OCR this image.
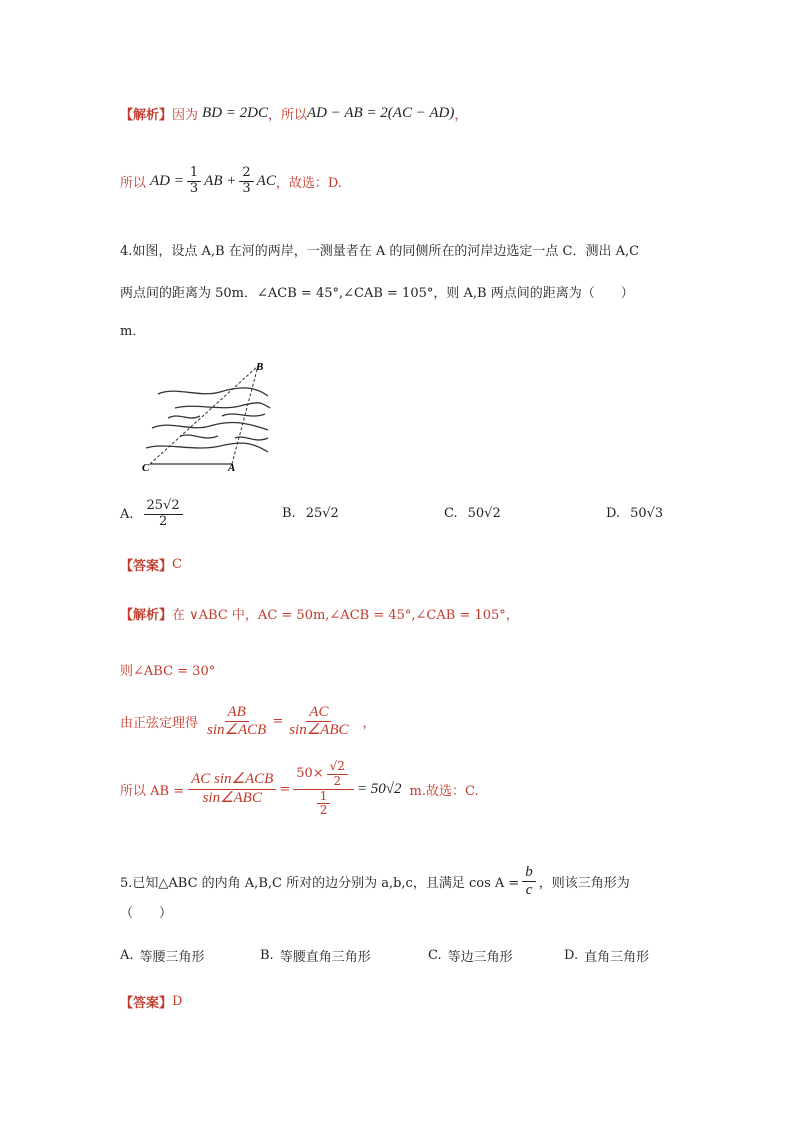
【解析】 因为 BD = 2DC ，所以 AD − AB = 2(AC − AD) ，
所以 AD = $\frac{1}{3}$ AB + $\frac{2}{3}$ AC ，故选：D.
4.如图，设点 A,B 在河的两岸，一测量者在 A 的同侧所在的河岸边选定一点 C．测出 A,C
两点间的距离为 50m．∠ACB = 45°,∠CAB = 105°，则 A,B 两点间的距离为（　　）
m．
B
C	A
A. $\frac{25√2}{2}$	B. 25√2	C. 50√2	D. 50√3
【答案】 C
【解析】 在 ∨ABC 中，AC = 50m,∠ACB = 45°,∠CAB = 105°，
则∠ABC = 30°
由正弦定理得 $\frac{AB}{\text{sin∠ACB}} = \frac{AC}{\text{sin∠ABC}}$ ，
所以 AB = $\frac{\text{AC sin∠ACB}}{\text{sin∠ABC}} = \frac{50\times \frac{√2}{2}}{\frac{1}{2}} = 50√2$ m.故选：C.
5.已知△ABC 的内角 A,B,C 所对的边分别为 a,b,c，且满足 $\cos A = \frac{b}{c}$ ，则该三角形为
（　　）
A. 等腰三角形	B. 等腰直角三角形	C. 等边三角形	D. 直角三角形
【答案】 D
